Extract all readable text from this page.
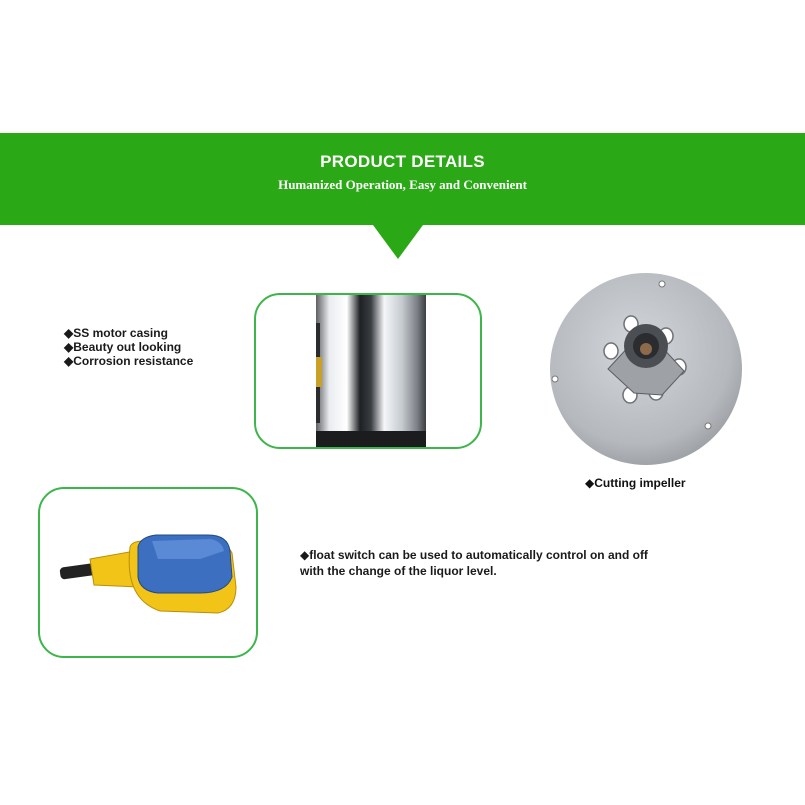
PRODUCT DETAILS
Humanized Operation, Easy and Convenient
◆SS motor casing
◆Beauty out looking
◆Corrosion resistance
◆Cutting impeller
◆float switch can be used to automatically control on and off
with the change of the liquor level.
